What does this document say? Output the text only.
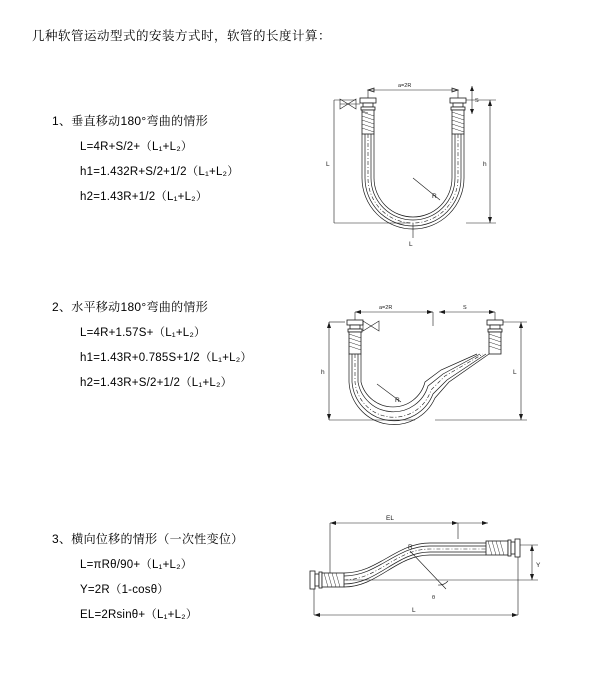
几种软管运动型式的安装方式时，软管的长度计算：
1、垂直移动180°弯曲的情形
L=4R+S/2+（L₁+L₂）
h1=1.432R+S/2+1/2（L₁+L₂）
h2=1.43R+1/2（L₁+L₂）
a=2R
R
L
h
S
L
2、水平移动180°弯曲的情形
L=4R+1.57S+（L₁+L₂）
h1=1.43R+0.785S+1/2（L₁+L₂）
h2=1.43R+S/2+1/2（L₁+L₂）
a=2R	S
R
h	L
3、横向位移的情形（一次性变位）
L=πRθ/90+（L₁+L₂）
Y=2R（1-cosθ）
EL=2Rsinθ+（L₁+L₂）
EL
R
θ
Y
L
